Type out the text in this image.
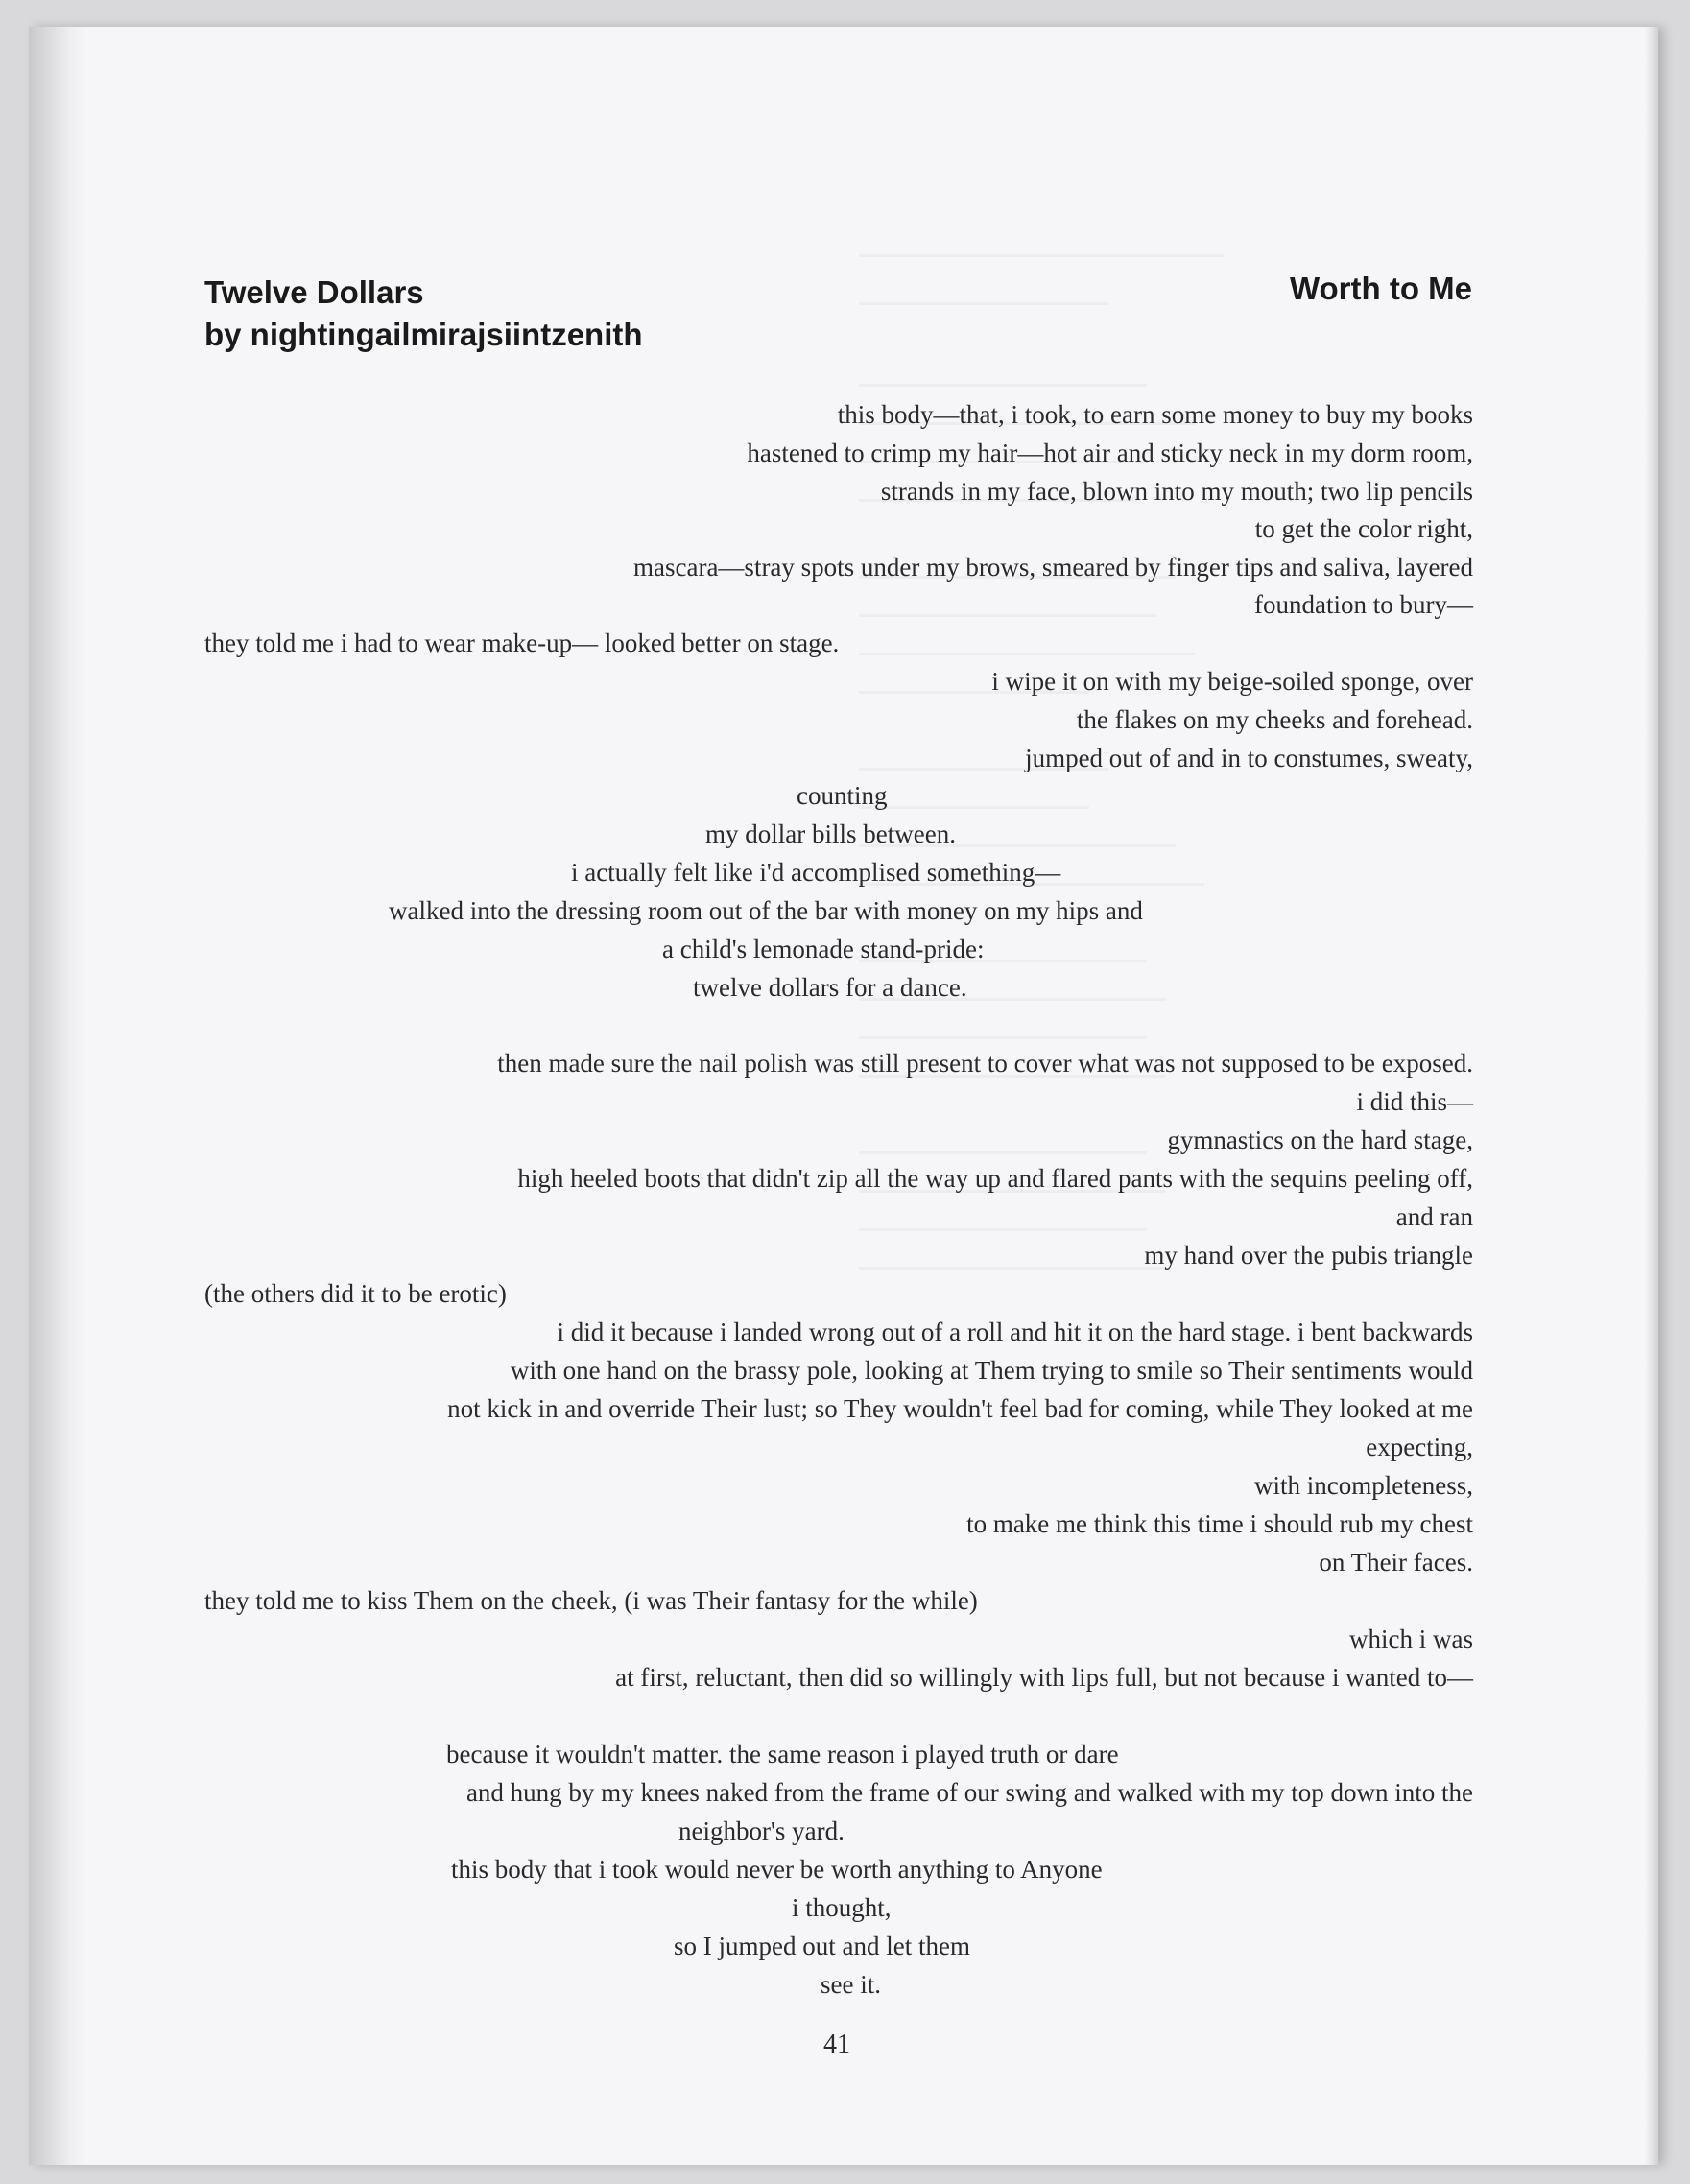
Twelve Dollars
by nightingailmirajsiintzenith
Worth to Me
this body—that, i took, to earn some money to buy my books
hastened to crimp my hair—hot air and sticky neck in my dorm room,
strands in my face, blown into my mouth; two lip pencils
to get the color right,
mascara—stray spots under my brows, smeared by finger tips and saliva, layered
foundation to bury—
they told me i had to wear make-up— looked better on stage.
i wipe it on with my beige-soiled sponge, over
the flakes on my cheeks and forehead.
jumped out of and in to constumes, sweaty,
counting
my dollar bills between.
i actually felt like i'd accomplised something—
walked into the dressing room out of the bar with money on my hips and
a child's lemonade stand-pride:
twelve dollars for a dance.
then made sure the nail polish was still present to cover what was not supposed to be exposed.
i did this—
gymnastics on the hard stage,
high heeled boots that didn't zip all the way up and flared pants with the sequins peeling off,
and ran
my hand over the pubis triangle
(the others did it to be erotic)
i did it because i landed wrong out of a roll and hit it on the hard stage. i bent backwards
with one hand on the brassy pole, looking at Them trying to smile so Their sentiments would
not kick in and override Their lust; so They wouldn't feel bad for coming, while They looked at me
expecting,
with incompleteness,
to make me think this time i should rub my chest
on Their faces.
they told me to kiss Them on the cheek, (i was Their fantasy for the while)
which i was
at first, reluctant, then did so willingly with lips full, but not because i wanted to—
because it wouldn't matter. the same reason i played truth or dare
and hung by my knees naked from the frame of our swing and walked with my top down into the
neighbor's yard.
this body that i took would never be worth anything to Anyone
i thought,
so I jumped out and let them
see it.
41
